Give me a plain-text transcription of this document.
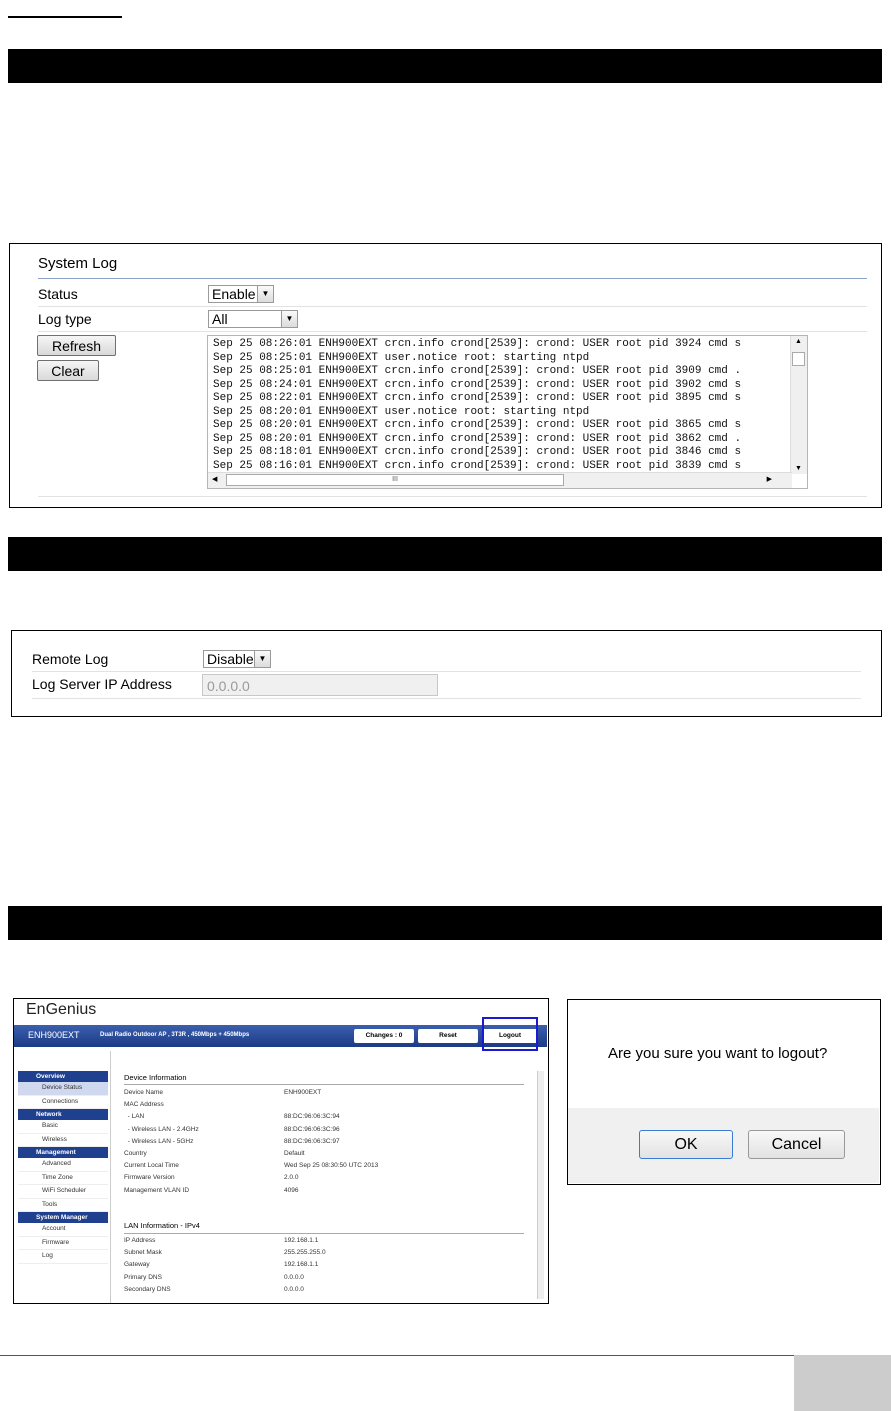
System Log
Status	Enable ▼
Log type	All	▼
Refresh
Clear
Sep 25 08:26:01 ENH900EXT crcn.info crond[2539]: crond: USER root pid 3924 cmd s
Sep 25 08:25:01 ENH900EXT user.notice root: starting ntpd
Sep 25 08:25:01 ENH900EXT crcn.info crond[2539]: crond: USER root pid 3909 cmd .
Sep 25 08:24:01 ENH900EXT crcn.info crond[2539]: crond: USER root pid 3902 cmd s
Sep 25 08:22:01 ENH900EXT crcn.info crond[2539]: crond: USER root pid 3895 cmd s
Sep 25 08:20:01 ENH900EXT user.notice root: starting ntpd
Sep 25 08:20:01 ENH900EXT crcn.info crond[2539]: crond: USER root pid 3865 cmd s
Sep 25 08:20:01 ENH900EXT crcn.info crond[2539]: crond: USER root pid 3862 cmd .
Sep 25 08:18:01 ENH900EXT crcn.info crond[2539]: crond: USER root pid 3846 cmd s
Sep 25 08:16:01 ENH900EXT crcn.info crond[2539]: crond: USER root pid 3839 cmd s
▲
▼
◀	III	▶
Remote Log	Disable ▼
Log Server IP Address	0.0.0.0
EnGenius
ENH900EXT	Dual Radio Outdoor AP , 3T3R , 450Mbps + 450Mbps	Changes : 0	Reset	Logout
Overview
Device Status
Connections
Network
Basic
Wireless
Management
Advanced
Time Zone
WiFi Scheduler
Tools
System Manager
Account
Firmware
Log
Device Information
Device Name	ENH900EXT
MAC Address
- LAN	88:DC:96:06:3C:94
- Wireless LAN - 2.4GHz	88:DC:96:06:3C:96
- Wireless LAN - 5GHz	88:DC:96:06:3C:97
Country	Default
Current Local Time	Wed Sep 25 08:30:50 UTC 2013
Firmware Version	2.0.0
Management VLAN ID	4096
LAN Information - IPv4
IP Address	192.168.1.1
Subnet Mask	255.255.255.0
Gateway	192.168.1.1
Primary DNS	0.0.0.0
Secondary DNS	0.0.0.0
Are you sure you want to logout?
OK	Cancel
